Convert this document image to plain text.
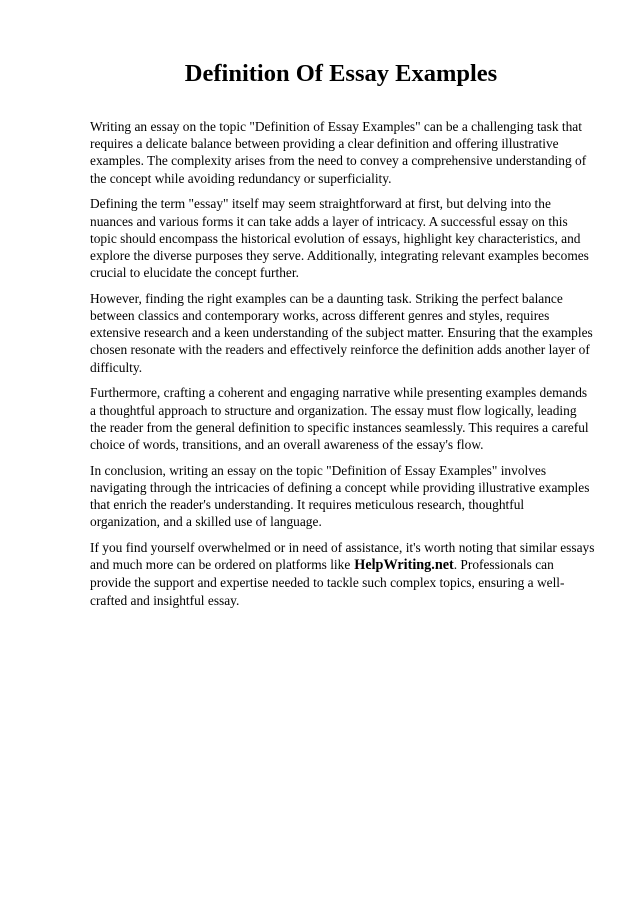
Definition Of Essay Examples

Writing an essay on the topic "Definition of Essay Examples" can be a challenging task that requires a delicate balance between providing a clear definition and offering illustrative examples. The complexity arises from the need to convey a comprehensive understanding of the concept while avoiding redundancy or superficiality.

Defining the term "essay" itself may seem straightforward at first, but delving into the nuances and various forms it can take adds a layer of intricacy. A successful essay on this topic should encompass the historical evolution of essays, highlight key characteristics, and explore the diverse purposes they serve. Additionally, integrating relevant examples becomes crucial to elucidate the concept further.

However, finding the right examples can be a daunting task. Striking the perfect balance between classics and contemporary works, across different genres and styles, requires extensive research and a keen understanding of the subject matter. Ensuring that the examples chosen resonate with the readers and effectively reinforce the definition adds another layer of difficulty.

Furthermore, crafting a coherent and engaging narrative while presenting examples demands a thoughtful approach to structure and organization. The essay must flow logically, leading the reader from the general definition to specific instances seamlessly. This requires a careful choice of words, transitions, and an overall awareness of the essay's flow.

In conclusion, writing an essay on the topic "Definition of Essay Examples" involves navigating through the intricacies of defining a concept while providing illustrative examples that enrich the reader's understanding. It requires meticulous research, thoughtful organization, and a skilled use of language.

If you find yourself overwhelmed or in need of assistance, it's worth noting that similar essays and much more can be ordered on platforms like HelpWriting.net. Professionals can provide the support and expertise needed to tackle such complex topics, ensuring a well-crafted and insightful essay.
